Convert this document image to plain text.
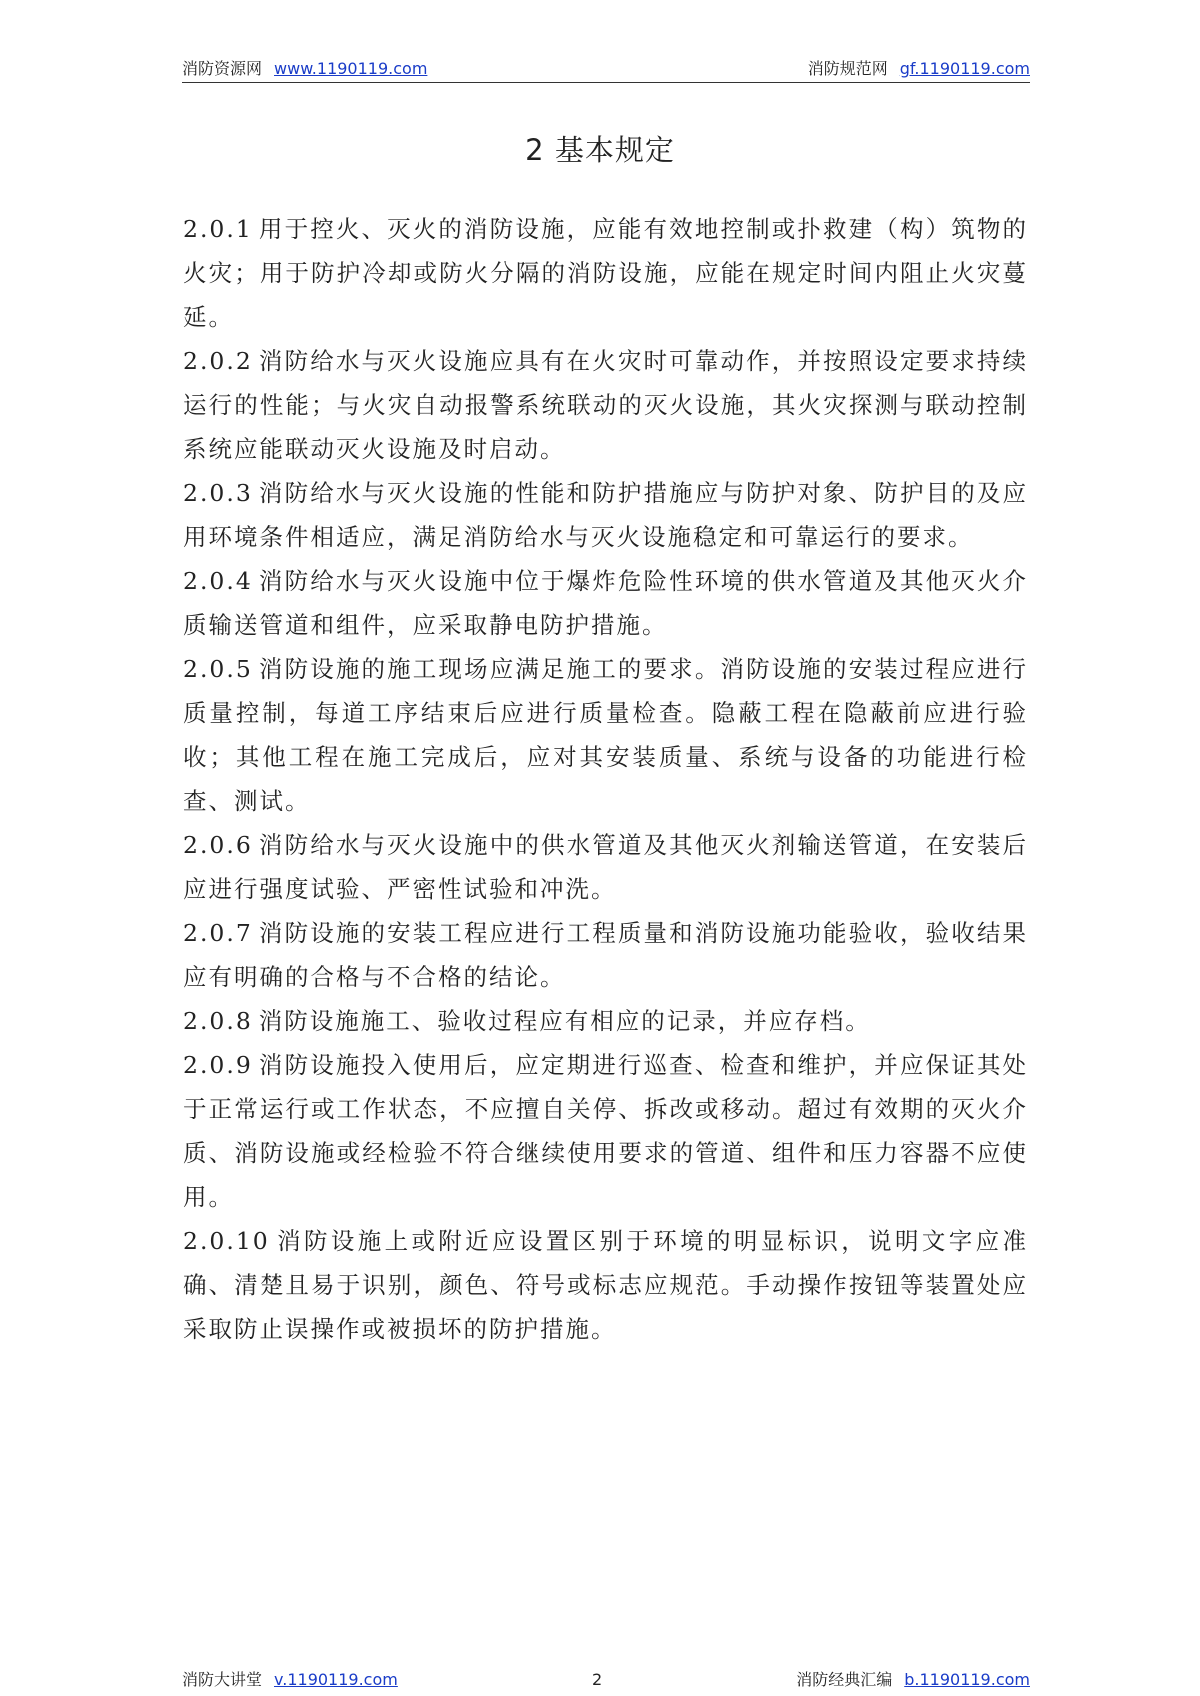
消防资源网 www.1190119.com	消防规范网 gf.1190119.com
2 基本规定

2.0.1 用于控火、灭火的消防设施，应能有效地控制或扑救建（构）筑物的火灾；用于防护冷却或防火分隔的消防设施，应能在规定时间内阻止火灾蔓延。

2.0.2 消防给水与灭火设施应具有在火灾时可靠动作，并按照设定要求持续运行的性能；与火灾自动报警系统联动的灭火设施，其火灾探测与联动控制系统应能联动灭火设施及时启动。

2.0.3 消防给水与灭火设施的性能和防护措施应与防护对象、防护目的及应用环境条件相适应，满足消防给水与灭火设施稳定和可靠运行的要求。

2.0.4 消防给水与灭火设施中位于爆炸危险性环境的供水管道及其他灭火介质输送管道和组件，应采取静电防护措施。

2.0.5 消防设施的施工现场应满足施工的要求。消防设施的安装过程应进行质量控制，每道工序结束后应进行质量检查。隐蔽工程在隐蔽前应进行验收；其他工程在施工完成后，应对其安装质量、系统与设备的功能进行检查、测试。

2.0.6 消防给水与灭火设施中的供水管道及其他灭火剂输送管道，在安装后应进行强度试验、严密性试验和冲洗。

2.0.7 消防设施的安装工程应进行工程质量和消防设施功能验收，验收结果应有明确的合格与不合格的结论。

2.0.8 消防设施施工、验收过程应有相应的记录，并应存档。

2.0.9 消防设施投入使用后，应定期进行巡查、检查和维护，并应保证其处于正常运行或工作状态，不应擅自关停、拆改或移动。超过有效期的灭火介质、消防设施或经检验不符合继续使用要求的管道、组件和压力容器不应使用。

2.0.10 消防设施上或附近应设置区别于环境的明显标识，说明文字应准确、清楚且易于识别，颜色、符号或标志应规范。手动操作按钮等装置处应采取防止误操作或被损坏的防护措施。

消防大讲堂 v.1190119.com	2	消防经典汇编 b.1190119.com
